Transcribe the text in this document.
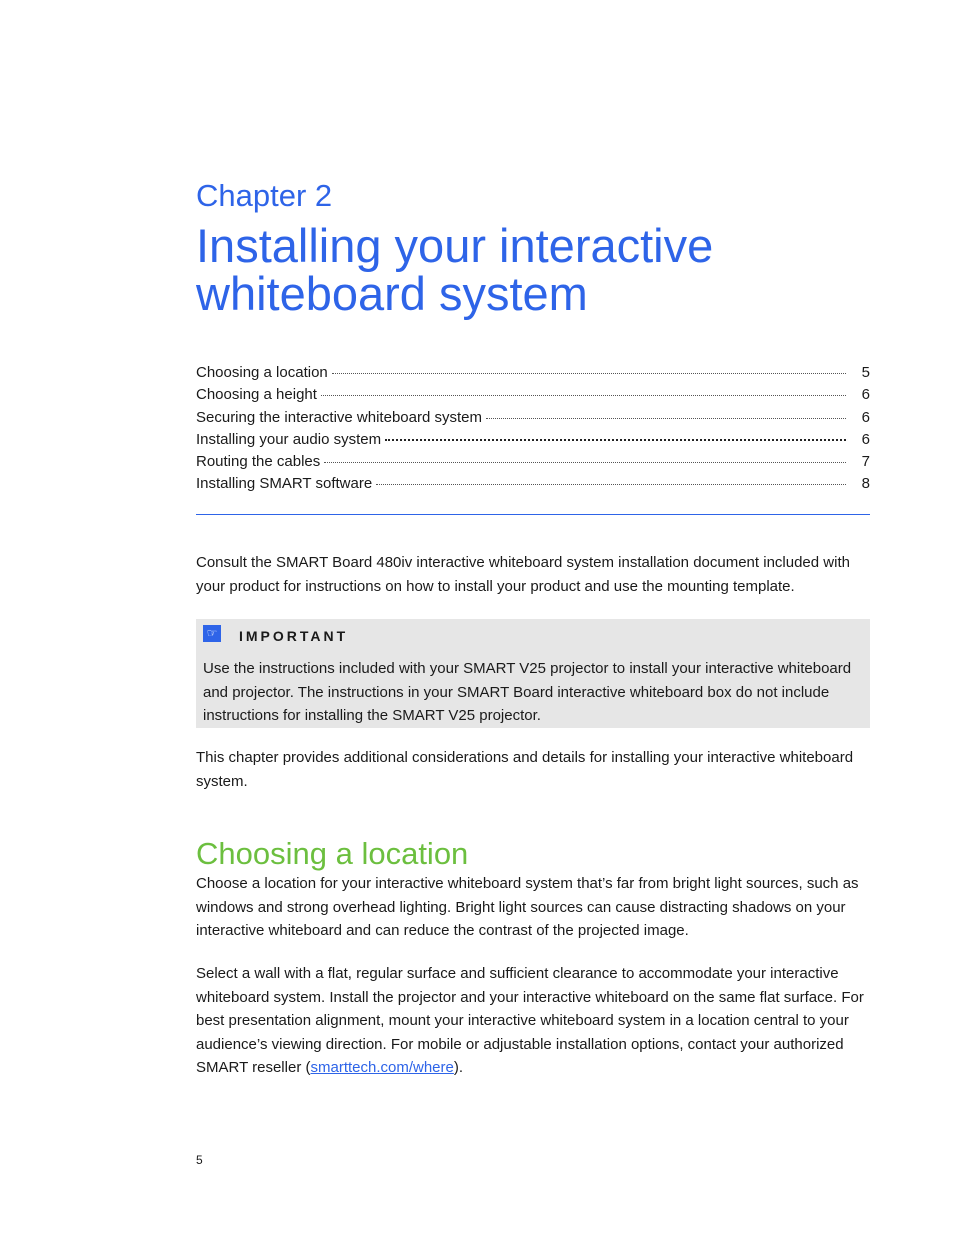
Chapter 2
Installing your interactive whiteboard system
Choosing a location	5
Choosing a height	6
Securing the interactive whiteboard system	6
Installing your audio system	6
Routing the cables	7
Installing SMART software	8

Consult the SMART Board 480iv interactive whiteboard system installation document included with your product for instructions on how to install your product and use the mounting template.

☞ IMPORTANT

Use the instructions included with your SMART V25 projector to install your interactive whiteboard and projector. The instructions in your SMART Board interactive whiteboard box do not include instructions for installing the SMART V25 projector.

This chapter provides additional considerations and details for installing your interactive whiteboard system.

Choosing a location

Choose a location for your interactive whiteboard system that’s far from bright light sources, such as windows and strong overhead lighting. Bright light sources can cause distracting shadows on your interactive whiteboard and can reduce the contrast of the projected image.

Select a wall with a flat, regular surface and sufficient clearance to accommodate your interactive whiteboard system. Install the projector and your interactive whiteboard on the same flat surface. For best presentation alignment, mount your interactive whiteboard system in a location central to your audience’s viewing direction. For mobile or adjustable installation options, contact your authorized SMART reseller (smarttech.com/where).

5
